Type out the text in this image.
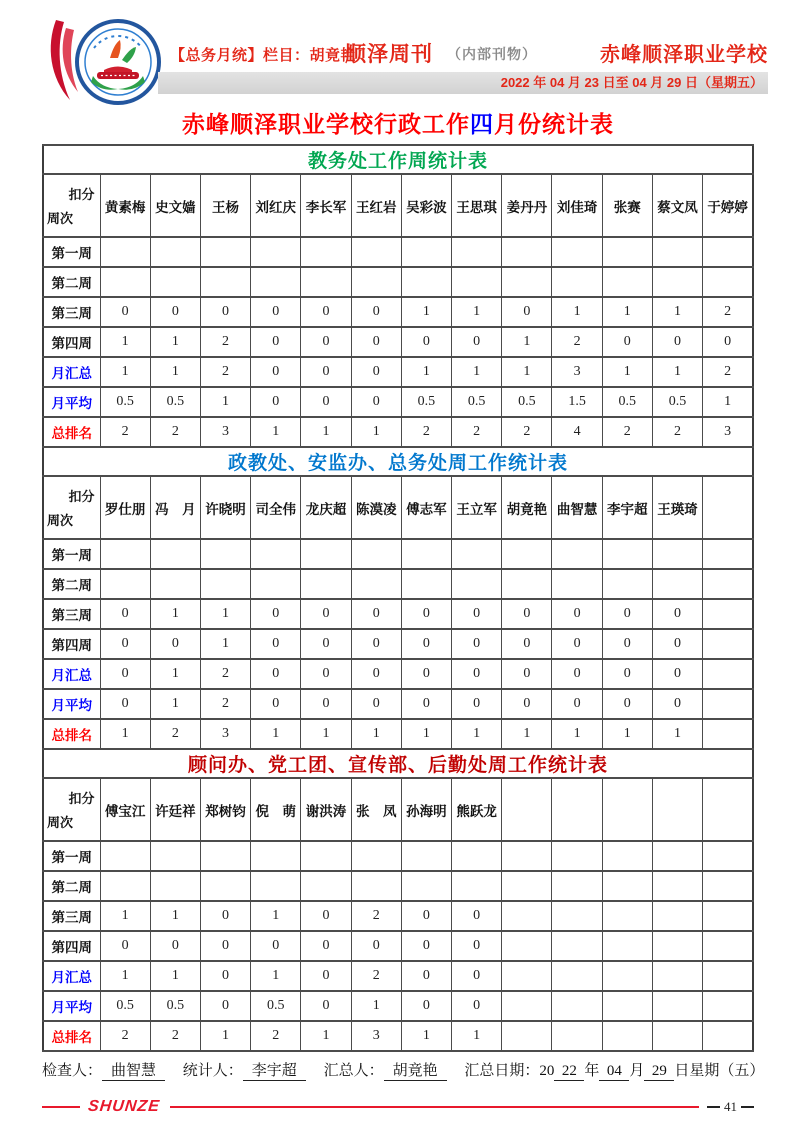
【总务月统】栏目：胡竟艳
顺泽周刊 （内部刊物）	赤峰顺泽职业学校
2022 年 04 月 23 日至 04 月 29 日（星期五）
赤峰顺泽职业学校行政工作四月份统计表
教务处工作周统计表													

扣分
周次	黄素梅	史文嫱	王杨	刘红庆	李长军	王红岩	吴彩波	王思琪	姜丹丹	刘佳琦	张赛	蔡文凤	于婷婷
第一周													
第二周													
第三周	0	0	0	0	0	0	1	1	0	1	1	1	2
第四周	1	1	2	0	0	0	0	0	1	2	0	0	0
月汇总	1	1	2	0	0	0	1	1	1	3	1	1	2
月平均	0.5	0.5	1	0	0	0	0.5	0.5	0.5	1.5	0.5	0.5	1
总排名	2	2	3	1	1	1	2	2	2	4	2	2	3
政教处、安监办、总务处周工作统计表													

扣分
周次	罗仕朋	冯　月	许晓明	司全伟	龙庆超	陈漠凌	傅志军	王立军	胡竟艳	曲智慧	李宇超	王瑛琦	
第一周													
第二周													
第三周	0	1	1	0	0	0	0	0	0	0	0	0	
第四周	0	0	1	0	0	0	0	0	0	0	0	0	
月汇总	0	1	2	0	0	0	0	0	0	0	0	0	
月平均	0	1	2	0	0	0	0	0	0	0	0	0	
总排名	1	2	3	1	1	1	1	1	1	1	1	1	
顾问办、党工团、宣传部、后勤处周工作统计表													

扣分
周次	傅宝江	许廷祥	郑树钧	倪　萌	谢洪涛	张　凤	孙海明	熊跃龙					
第一周													
第二周													
第三周	1	1	0	1	0	2	0	0					
第四周	0	0	0	0	0	0	0	0					
月汇总	1	1	0	1	0	2	0	0					
月平均	0.5	0.5	0	0.5	0	1	0	0					
总排名	2	2	1	2	1	3	1	1					
检查人： 曲智慧 统计人： 李宇超 汇总人： 胡竟艳 汇总日期：20 22 年 04 月 29 日星期（五）
SHUNZE	41
